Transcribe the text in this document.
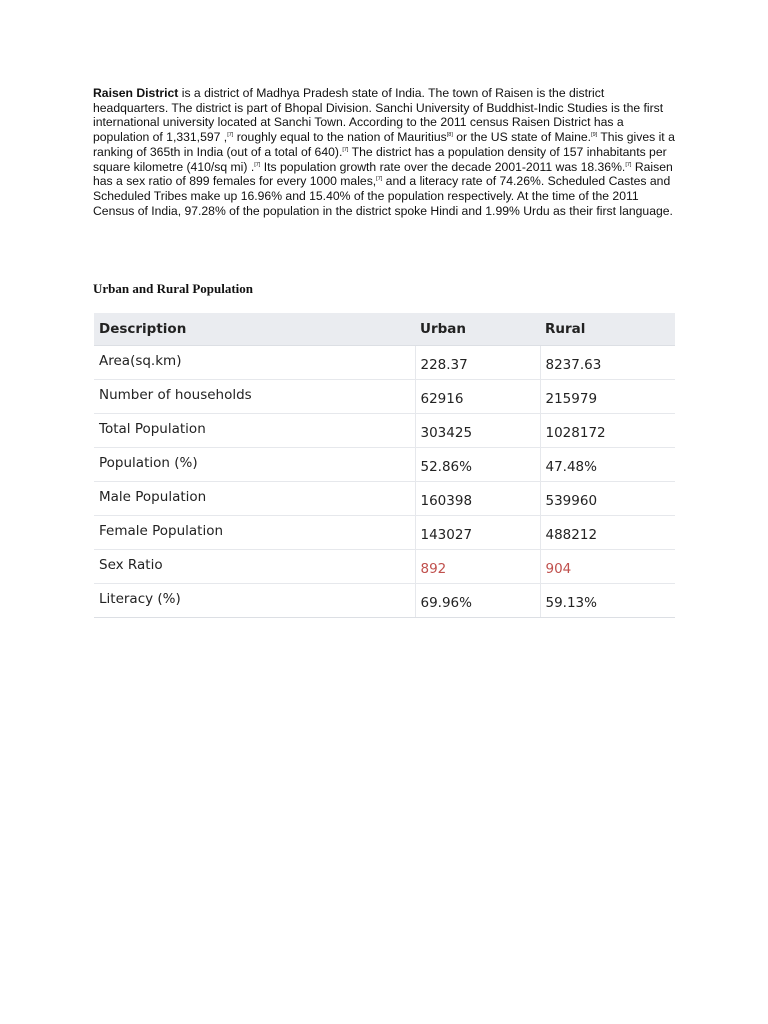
Raisen District is a district of Madhya Pradesh state of India. The town of Raisen is the district headquarters. The district is part of Bhopal Division. Sanchi University of Buddhist-Indic Studies is the first international university located at Sanchi Town. According to the 2011 census Raisen District has a population of 1,331,597 ,[7] roughly equal to the nation of Mauritius[8] or the US state of Maine.[9] This gives it a ranking of 365th in India (out of a total of 640).[7] The district has a population density of 157 inhabitants per square kilometre (410/sq mi) .[7] Its population growth rate over the decade 2001-2011 was 18.36%.[7] Raisen has a sex ratio of 899 females for every 1000 males,[7] and a literacy rate of 74.26%. Scheduled Castes and Scheduled Tribes make up 16.96% and 15.40% of the population respectively. At the time of the 2011 Census of India, 97.28% of the population in the district spoke Hindi and 1.99% Urdu as their first language.

Urban and Rural Population
Description	Urban	Rural
Area(sq.km)	228.37	8237.63
Number of households	62916	215979
Total Population	303425	1028172
Population (%)	52.86%	47.48%
Male Population	160398	539960
Female Population	143027	488212
Sex Ratio	892	904
Literacy (%)	69.96%	59.13%
